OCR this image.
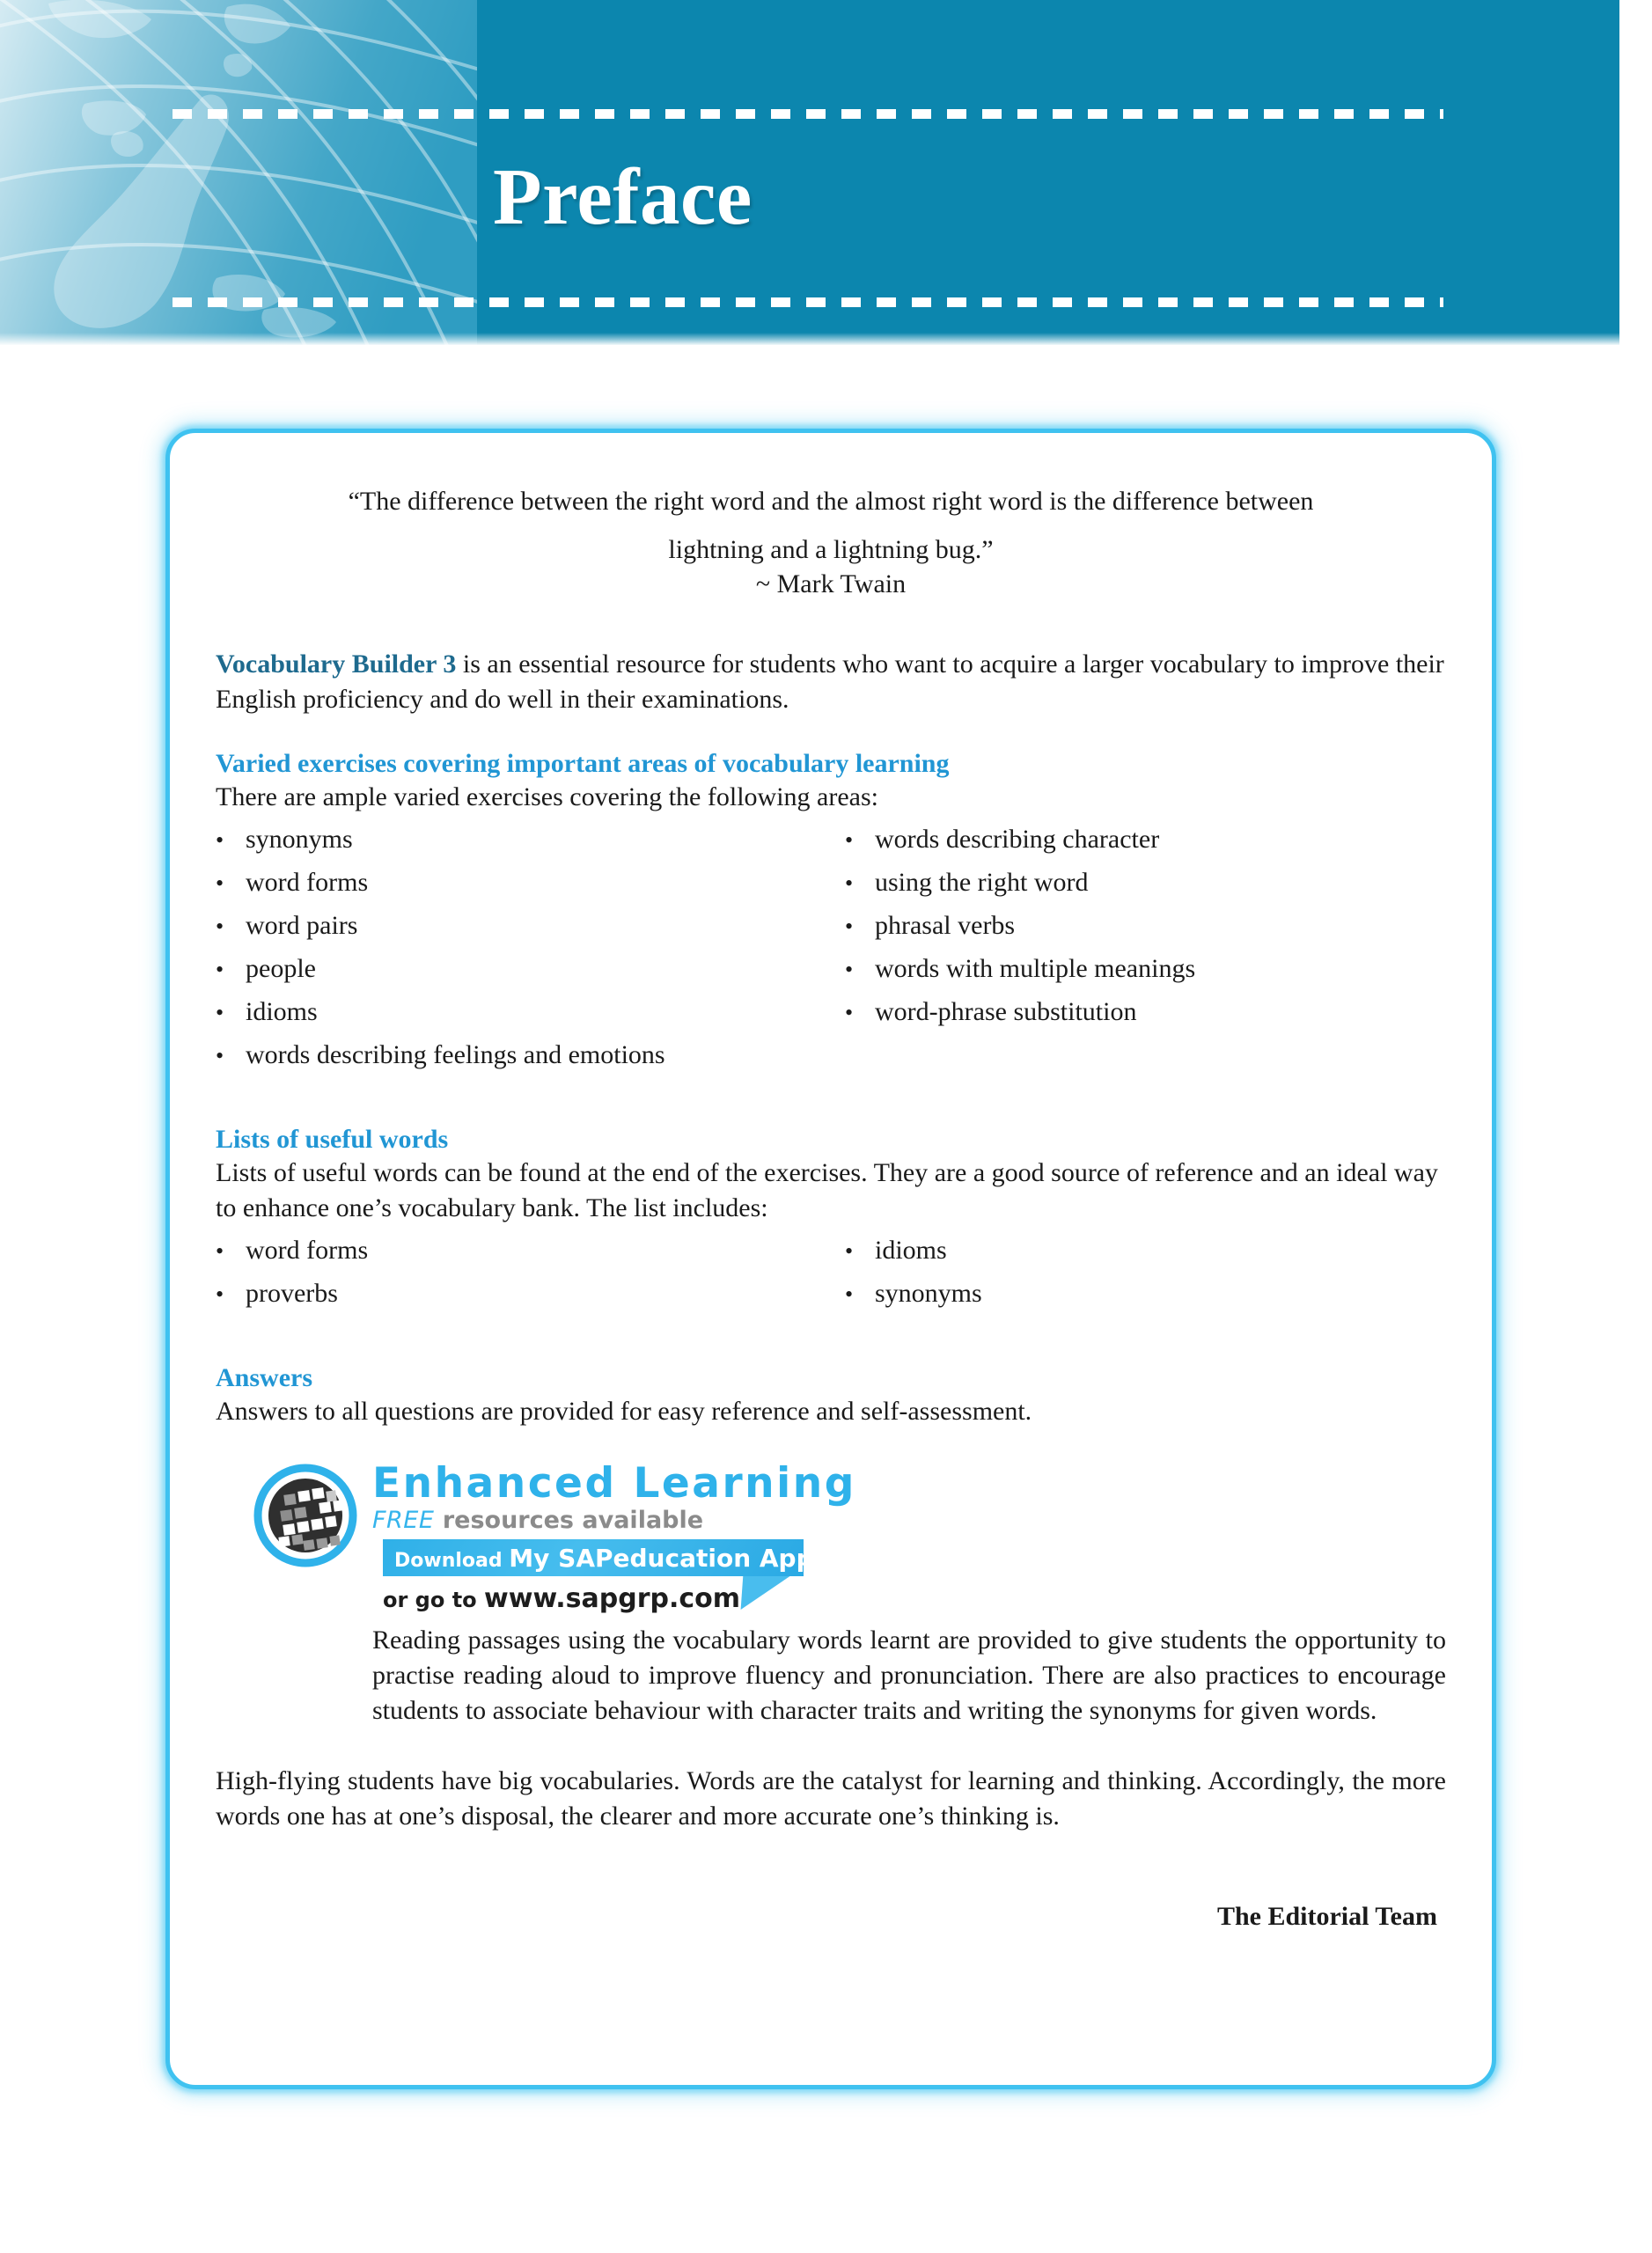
Preface
“The difference between the right word and the almost right word is the difference between
lightning and a lightning bug.”
~ Mark Twain
Vocabulary Builder 3 is an essential resource for students who want to acquire a larger vocabulary to improve their English proficiency and do well in their examinations.
Varied exercises covering important areas of vocabulary learning
There are ample varied exercises covering the following areas:
• synonyms
• word forms
• word pairs
• people
• idioms
• words describing character
• using the right word
• phrasal verbs
• words with multiple meanings
• word-phrase substitution
• words describing feelings and emotions
Lists of useful words
Lists of useful words can be found at the end of the exercises. They are a good source of reference and an ideal way to enhance one’s vocabulary bank. The list includes:
• word forms
• proverbs
• idioms
• synonyms
Answers
Answers to all questions are provided for easy reference and self-assessment.
Enhanced Learning
FREE resources available
Download My SAPeducation App Now!
or go to www.sapgrp.com
Reading passages using the vocabulary words learnt are provided to give students the opportunity to practise reading aloud to improve fluency and pronunciation. There are also practices to encourage students to associate behaviour with character traits and writing the synonyms for given words.
High-flying students have big vocabularies. Words are the catalyst for learning and thinking. Accordingly, the more words one has at one’s disposal, the clearer and more accurate one’s thinking is.
The Editorial Team
